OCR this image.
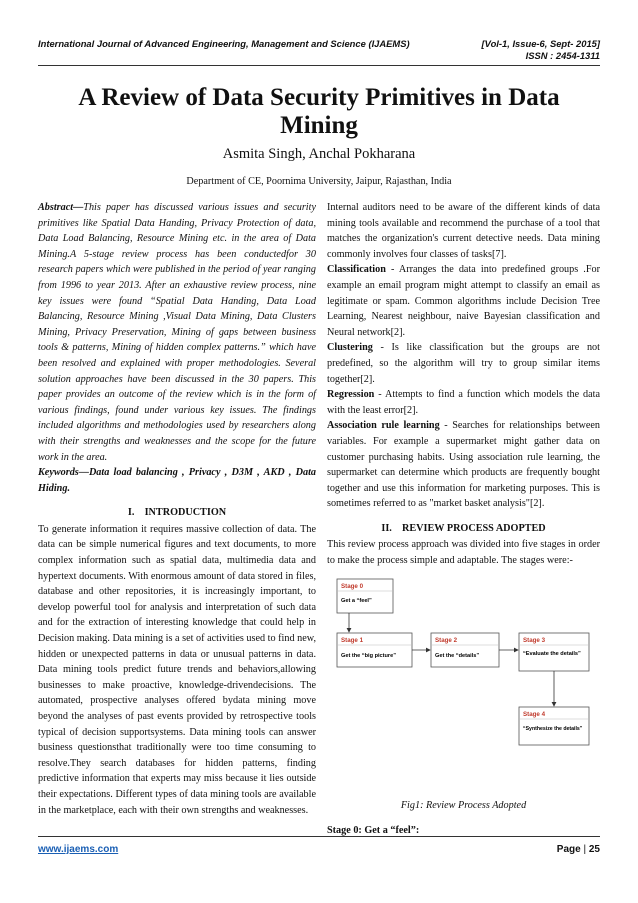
International Journal of Advanced Engineering, Management and Science (IJAEMS)	[Vol-1, Issue-6, Sept- 2015]
ISSN : 2454-1311
A Review of Data Security Primitives in Data Mining
Asmita Singh, Anchal Pokharana
Department of CE, Poornima University, Jaipur, Rajasthan, India

Abstract—This paper has discussed various issues and security primitives like Spatial Data Handing, Privacy Protection of data, Data Load Balancing, Resource Mining etc. in the area of Data Mining.A 5-stage review process has been conductedfor 30 research papers which were published in the period of year ranging from 1996 to year 2013. After an exhaustive review process, nine key issues were found “Spatial Data Handing, Data Load Balancing, Resource Mining ,Visual Data Mining, Data Clusters Mining, Privacy Preservation, Mining of gaps between business tools & patterns, Mining of hidden complex patterns.” which have been resolved and explained with proper methodologies. Several solution approaches have been discussed in the 30 papers. This paper provides an outcome of the review which is in the form of various findings, found under various key issues. The findings included algorithms and methodologies used by researchers along with their strengths and weaknesses and the scope for the future work in the area.

Keywords—Data load balancing , Privacy , D3M , AKD , Data Hiding.

I.    INTRODUCTION

To generate information it requires massive collection of data. The data can be simple numerical figures and text documents, to more complex information such as spatial data, multimedia data and hypertext documents. With enormous amount of data stored in files, database and other repositories, it is increasingly important, to develop powerful tool for analysis and interpretation of such data and for the extraction of interesting knowledge that could help in Decision making. Data mining is a set of activities used to find new, hidden or unexpected patterns in data or unusual patterns in data. Data mining tools predict future trends and behaviors,allowing businesses to make proactive, knowledge-drivendecisions. The automated, prospective analyses offered bydata mining move beyond the analyses of past events provided by retrospective tools typical of decision supportsystems. Data mining tools can answer business questionsthat traditionally were too time consuming to resolve.They search databases for hidden patterns, finding predictive information that experts may miss because it lies outside their expectations. Different types of data mining tools are available in the marketplace, each with their own strengths and weaknesses.

Internal auditors need to be aware of the different kinds of data mining tools available and recommend the purchase of a tool that matches the organization's current detective needs. Data mining commonly involves four classes of tasks[7].

Classification - Arranges the data into predefined groups .For example an email program might attempt to classify an email as legitimate or spam. Common algorithms include Decision Tree Learning, Nearest neighbour, naive Bayesian classification and Neural network[2].

Clustering - Is like classification but the groups are not predefined, so the algorithm will try to group similar items together[2].

Regression - Attempts to find a function which models the data with the least error[2].

Association rule learning - Searches for relationships between variables. For example a supermarket might gather data on customer purchasing habits. Using association rule learning, the supermarket can determine which products are frequently bought together and use this information for marketing purposes. This is sometimes referred to as "market basket analysis"[2].

II.    REVIEW PROCESS ADOPTED

This review process approach was divided into five stages in order to make the process simple and adaptable. The stages were:-

Stage 0
Get a “feel”
Stage 1
Get the “big picture”
Stage 2
Get the “details”
Stage 3
“Evaluate the details”
Stage 4
“Synthesize the details”
Fig1: Review Process Adopted
Stage 0: Get a “feel”:
www.ijaems.com	Page | 25
